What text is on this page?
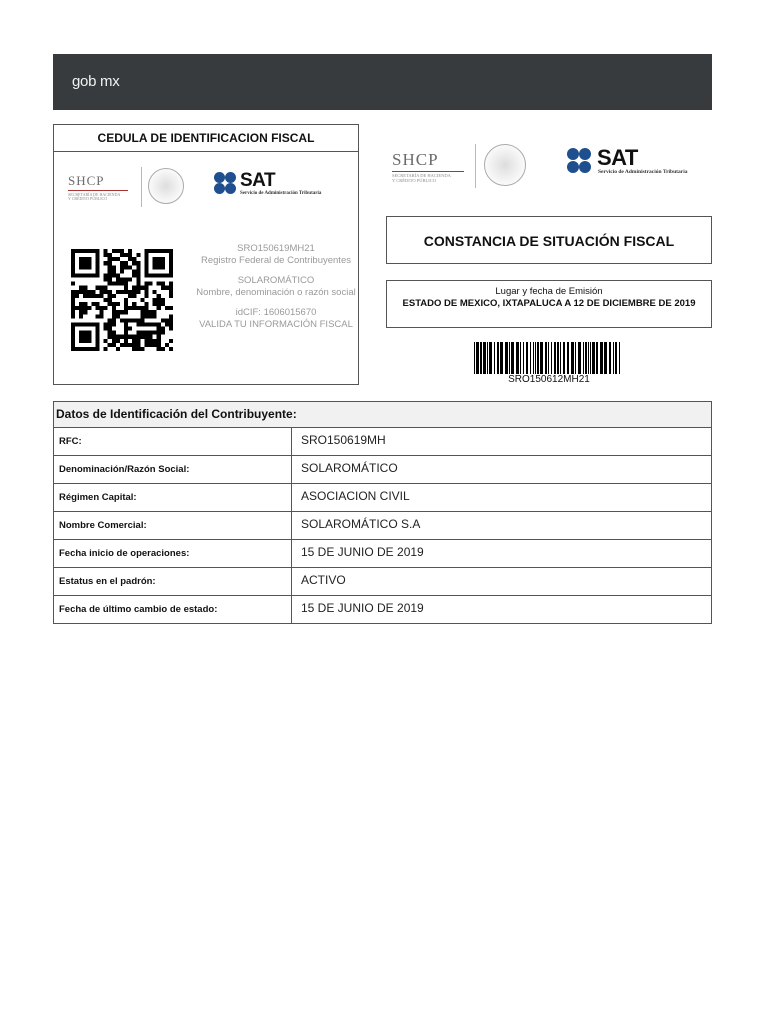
gob mx
CEDULA DE IDENTIFICACION FISCAL
SHCP
SECRETARÍA DE HACIENDA
Y CRÉDITO PÚBLICO
SAT
Servicio de Administración Tributaria
SRO150619MH21
Registro Federal de Contribuyentes
SOLAROMÁTICO
Nombre, denominación o razón social
idCIF: 1606015670
VALIDA TU INFORMACIÓN FISCAL
SHCP
SECRETARÍA DE HACIENDA
Y CRÉDITO PÚBLICO
SAT
Servicio de Administración Tributaria
CONSTANCIA DE SITUACIÓN FISCAL
Lugar y fecha de Emisión
ESTADO DE MEXICO, IXTAPALUCA A 12 DE DICIEMBRE DE 2019
SRO150612MH21
Datos de Identificación del Contribuyente:
RFC:	SRO150619MH
Denominación/Razón Social:	SOLAROMÁTICO
Régimen Capital:	ASOCIACION CIVIL
Nombre Comercial:	SOLAROMÁTICO S.A
Fecha inicio de operaciones:	15 DE JUNIO DE 2019
Estatus en el padrón:	ACTIVO
Fecha de último cambio de estado:	15 DE JUNIO DE 2019
